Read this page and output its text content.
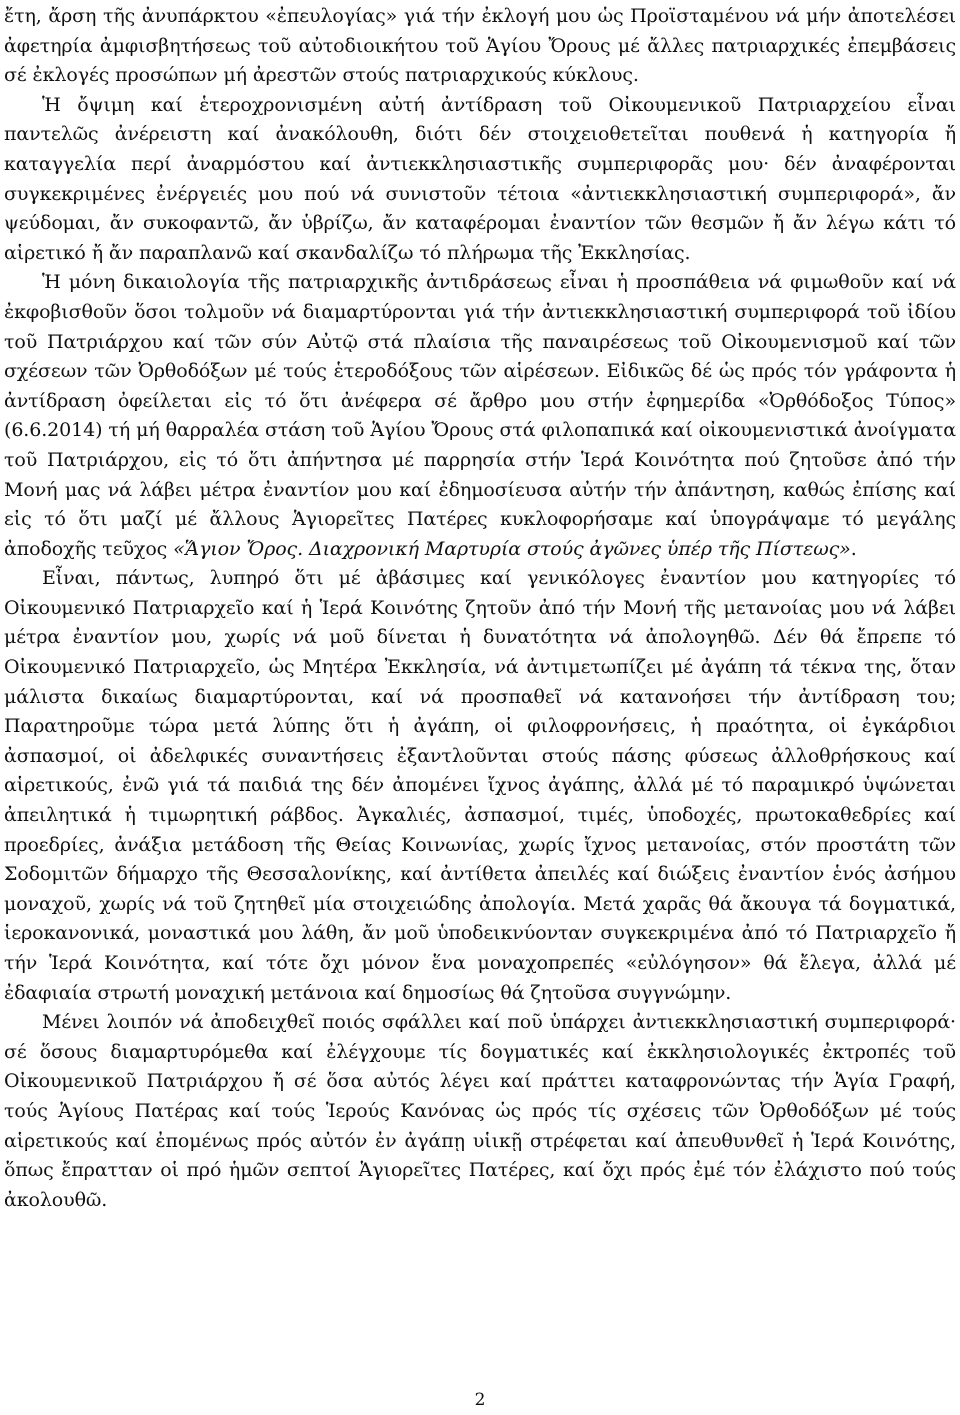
ἔτη, ἄρση τῆς ἀνυπάρκτου «ἐπευλογίας» γιά τήν ἐκλογή μου ὡς Προϊσταμένου νά μήν ἀποτελέσει ἀφετηρία ἀμφισβητήσεως τοῦ αὐτοδιοικήτου τοῦ Ἁγίου Ὄρους μέ ἄλλες πατριαρχικές ἐπεμβάσεις σέ ἐκλογές προσώπων μή ἀρεστῶν στούς πατριαρχικούς κύκλους.

Ἡ ὄψιμη καί ἑτεροχρονισμένη αὐτή ἀντίδραση τοῦ Οἰκουμενικοῦ Πατριαρχείου εἶναι παντελῶς ἀνέρειστη καί ἀνακόλουθη, διότι δέν στοιχειοθετεῖται πουθενά ἡ κατηγορία ἤ καταγγελία περί ἀναρμόστου καί ἀντιεκκλησιαστικῆς συμπεριφορᾶς μου· δέν ἀναφέρονται συγκεκριμένες ἐνέργειές μου πού νά συνιστοῦν τέτοια «ἀντιεκκλησιαστική συμπεριφορά», ἄν ψεύδομαι, ἄν συκοφαντῶ, ἄν ὑβρίζω, ἄν καταφέρομαι ἐναντίον τῶν θεσμῶν ἤ ἄν λέγω κάτι τό αἱρετικό ἤ ἄν παραπλανῶ καί σκανδαλίζω τό πλήρωμα τῆς Ἐκκλησίας.

Ἡ μόνη δικαιολογία τῆς πατριαρχικῆς ἀντιδράσεως εἶναι ἡ προσπάθεια νά φιμωθοῦν καί νά ἐκφοβισθοῦν ὅσοι τολμοῦν νά διαμαρτύρονται γιά τήν ἀντιεκκλησιαστική συμπεριφορά τοῦ ἰδίου τοῦ Πατριάρχου καί τῶν σύν Αὐτῷ στά πλαίσια τῆς παναιρέσεως τοῦ Οἰκουμενισμοῦ καί τῶν σχέσεων τῶν Ὀρθοδόξων μέ τούς ἑτεροδόξους τῶν αἱρέσεων. Εἰδικῶς δέ ὡς πρός τόν γράφοντα ἡ ἀντίδραση ὀφείλεται εἰς τό ὅτι ἀνέφερα σέ ἄρθρο μου στήν ἐφημερίδα «Ὀρθόδοξος Τύπος» (6.6.2014) τή μή θαρραλέα στάση τοῦ Ἁγίου Ὄρους στά φιλοπαπικά καί οἰκουμενιστικά ἀνοίγματα τοῦ Πατριάρχου, εἰς τό ὅτι ἀπήντησα μέ παρρησία στήν Ἱερά Κοινότητα πού ζητοῦσε ἀπό τήν Μονή μας νά λάβει μέτρα ἐναντίον μου καί ἐδημοσίευσα αὐτήν τήν ἀπάντηση, καθώς ἐπίσης καί εἰς τό ὅτι μαζί μέ ἄλλους Ἁγιορεῖτες Πατέρες κυκλοφορήσαμε καί ὑπογράψαμε τό μεγάλης ἀποδοχῆς τεῦχος «Ἅγιον Ὄρος. Διαχρονική Μαρτυρία στούς ἀγῶνες ὑπέρ τῆς Πίστεως».

Εἶναι, πάντως, λυπηρό ὅτι μέ ἀβάσιμες καί γενικόλογες ἐναντίον μου κατηγορίες τό Οἰκουμενικό Πατριαρχεῖο καί ἡ Ἱερά Κοινότης ζητοῦν ἀπό τήν Μονή τῆς μετανοίας μου νά λάβει μέτρα ἐναντίον μου, χωρίς νά μοῦ δίνεται ἡ δυνατότητα νά ἀπολογηθῶ. Δέν θά ἔπρεπε τό Οἰκουμενικό Πατριαρχεῖο, ὡς Μητέρα Ἐκκλησία, νά ἀντιμετωπίζει μέ ἀγάπη τά τέκνα της, ὅταν μάλιστα δικαίως διαμαρτύρονται, καί νά προσπαθεῖ νά κατανοήσει τήν ἀντίδραση του; Παρατηροῦμε τώρα μετά λύπης ὅτι ἡ ἀγάπη, οἱ φιλοφρονήσεις, ἡ πραότητα, οἱ ἐγκάρδιοι ἀσπασμοί, οἱ ἀδελφικές συναντήσεις ἐξαντλοῦνται στούς πάσης φύσεως ἀλλοθρήσκους καί αἱρετικούς, ἐνῶ γιά τά παιδιά της δέν ἀπομένει ἴχνος ἀγάπης, ἀλλά μέ τό παραμικρό ὑψώνεται ἀπειλητικά ἡ τιμωρητική ράβδος. Ἀγκαλιές, ἀσπασμοί, τιμές, ὑποδοχές, πρωτοκαθεδρίες καί προεδρίες, ἀνάξια μετάδοση τῆς Θείας Κοινωνίας, χωρίς ἴχνος μετανοίας, στόν προστάτη τῶν Σοδομιτῶν δήμαρχο τῆς Θεσσαλονίκης, καί ἀντίθετα ἀπειλές καί διώξεις ἐναντίον ἑνός ἀσήμου μοναχοῦ, χωρίς νά τοῦ ζητηθεῖ μία στοιχειώδης ἀπολογία. Μετά χαρᾶς θά ἄκουγα τά δογματικά, ἱεροκανονικά, μοναστικά μου λάθη, ἄν μοῦ ὑποδεικνύονταν συγκεκριμένα ἀπό τό Πατριαρχεῖο ἤ τήν Ἱερά Κοινότητα, καί τότε ὄχι μόνον ἕνα μοναχοπρεπές «εὐλόγησον» θά ἔλεγα, ἀλλά μέ ἐδαφιαία στρωτή μοναχική μετάνοια καί δημοσίως θά ζητοῦσα συγγνώμην.

Μένει λοιπόν νά ἀποδειχθεῖ ποιός σφάλλει καί ποῦ ὑπάρχει ἀντιεκκλησιαστική συμπεριφορά· σέ ὅσους διαμαρτυρόμεθα καί ἐλέγχουμε τίς δογματικές καί ἐκκλησιολογικές ἐκτροπές τοῦ Οἰκουμενικοῦ Πατριάρχου ἤ σέ ὅσα αὐτός λέγει καί πράττει καταφρονώντας τήν Ἁγία Γραφή, τούς Ἁγίους Πατέρας καί τούς Ἱερούς Κανόνας ὡς πρός τίς σχέσεις τῶν Ὀρθοδόξων μέ τούς αἱρετικούς καί ἐπομένως πρός αὐτόν ἐν ἀγάπῃ υἱικῇ στρέφεται καί ἀπευθυνθεῖ ἡ Ἱερά Κοινότης, ὅπως ἔπρατταν οἱ πρό ἡμῶν σεπτοί Ἁγιορεῖτες Πατέρες, καί ὄχι πρός ἐμέ τόν ἐλάχιστο πού τούς ἀκολουθῶ.

2
